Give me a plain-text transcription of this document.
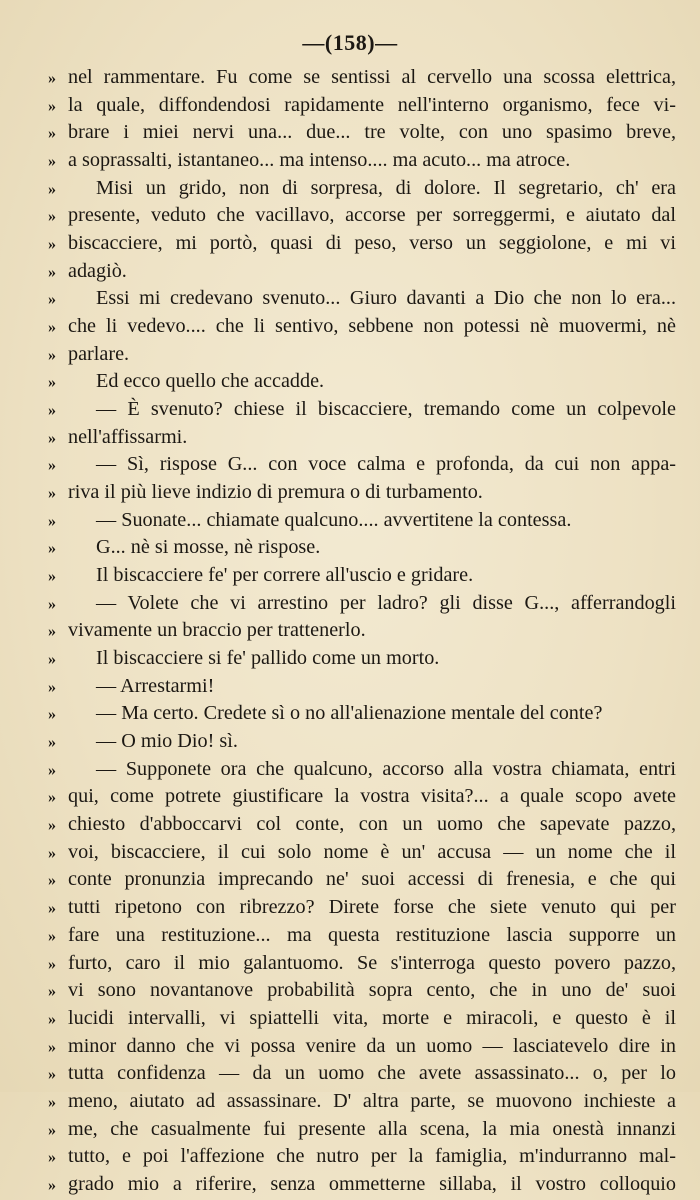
—(158)—
» nel rammentare. Fu come se sentissi al cervello una scossa elettrica,
» la quale, diffondendosi rapidamente nell'interno organismo, fece vi-
» brare i miei nervi una... due... tre volte, con uno spasimo breve,
» a soprassalti, istantaneo... ma intenso.... ma acuto... ma atroce.
»	Misi un grido, non di sorpresa, di dolore. Il segretario, ch' era
» presente, veduto che vacillavo, accorse per sorreggermi, e aiutato dal
» biscacciere, mi portò, quasi di peso, verso un seggiolone, e mi vi
» adagiò.
»	Essi mi credevano svenuto... Giuro davanti a Dio che non lo era...
» che li vedevo.... che li sentivo, sebbene non potessi nè muovermi, nè
» parlare.
»	Ed ecco quello che accadde.
»	— È svenuto? chiese il biscacciere, tremando come un colpevole
» nell'affissarmi.
»	— Sì, rispose G... con voce calma e profonda, da cui non appa-
» riva il più lieve indizio di premura o di turbamento.
»	— Suonate... chiamate qualcuno.... avvertitene la contessa.
»	G... nè si mosse, nè rispose.
»	Il biscacciere fe' per correre all'uscio e gridare.
»	— Volete che vi arrestino per ladro? gli disse G..., afferrandogli
» vivamente un braccio per trattenerlo.
»	Il biscacciere si fe' pallido come un morto.
»	— Arrestarmi!
»	— Ma certo. Credete sì o no all'alienazione mentale del conte?
»	— O mio Dio! sì.
»	— Supponete ora che qualcuno, accorso alla vostra chiamata, entri
» qui, come potrete giustificare la vostra visita?... a quale scopo avete
» chiesto d'abboccarvi col conte, con un uomo che sapevate pazzo,
» voi, biscacciere, il cui solo nome è un' accusa — un nome che il
» conte pronunzia imprecando ne' suoi accessi di frenesia, e che qui
» tutti ripetono con ribrezzo? Direte forse che siete venuto qui per
» fare una restituzione... ma questa restituzione lascia supporre un
» furto, caro il mio galantuomo. Se s'interroga questo povero pazzo,
» vi sono novantanove probabilità sopra cento, che in uno de' suoi
» lucidi intervalli, vi spiattelli vita, morte e miracoli, e questo è il
» minor danno che vi possa venire da un uomo — lasciatevelo dire in
» tutta confidenza — da un uomo che avete assassinato... o, per lo
» meno, aiutato ad assassinare. D' altra parte, se muovono inchieste a
» me, che casualmente fui presente alla scena, la mia onestà innanzi
» tutto, e poi l'affezione che nutro per la famiglia, m'indurranno mal-
» grado mio a riferire, senza ommetterne sillaba, il vostro colloquio
